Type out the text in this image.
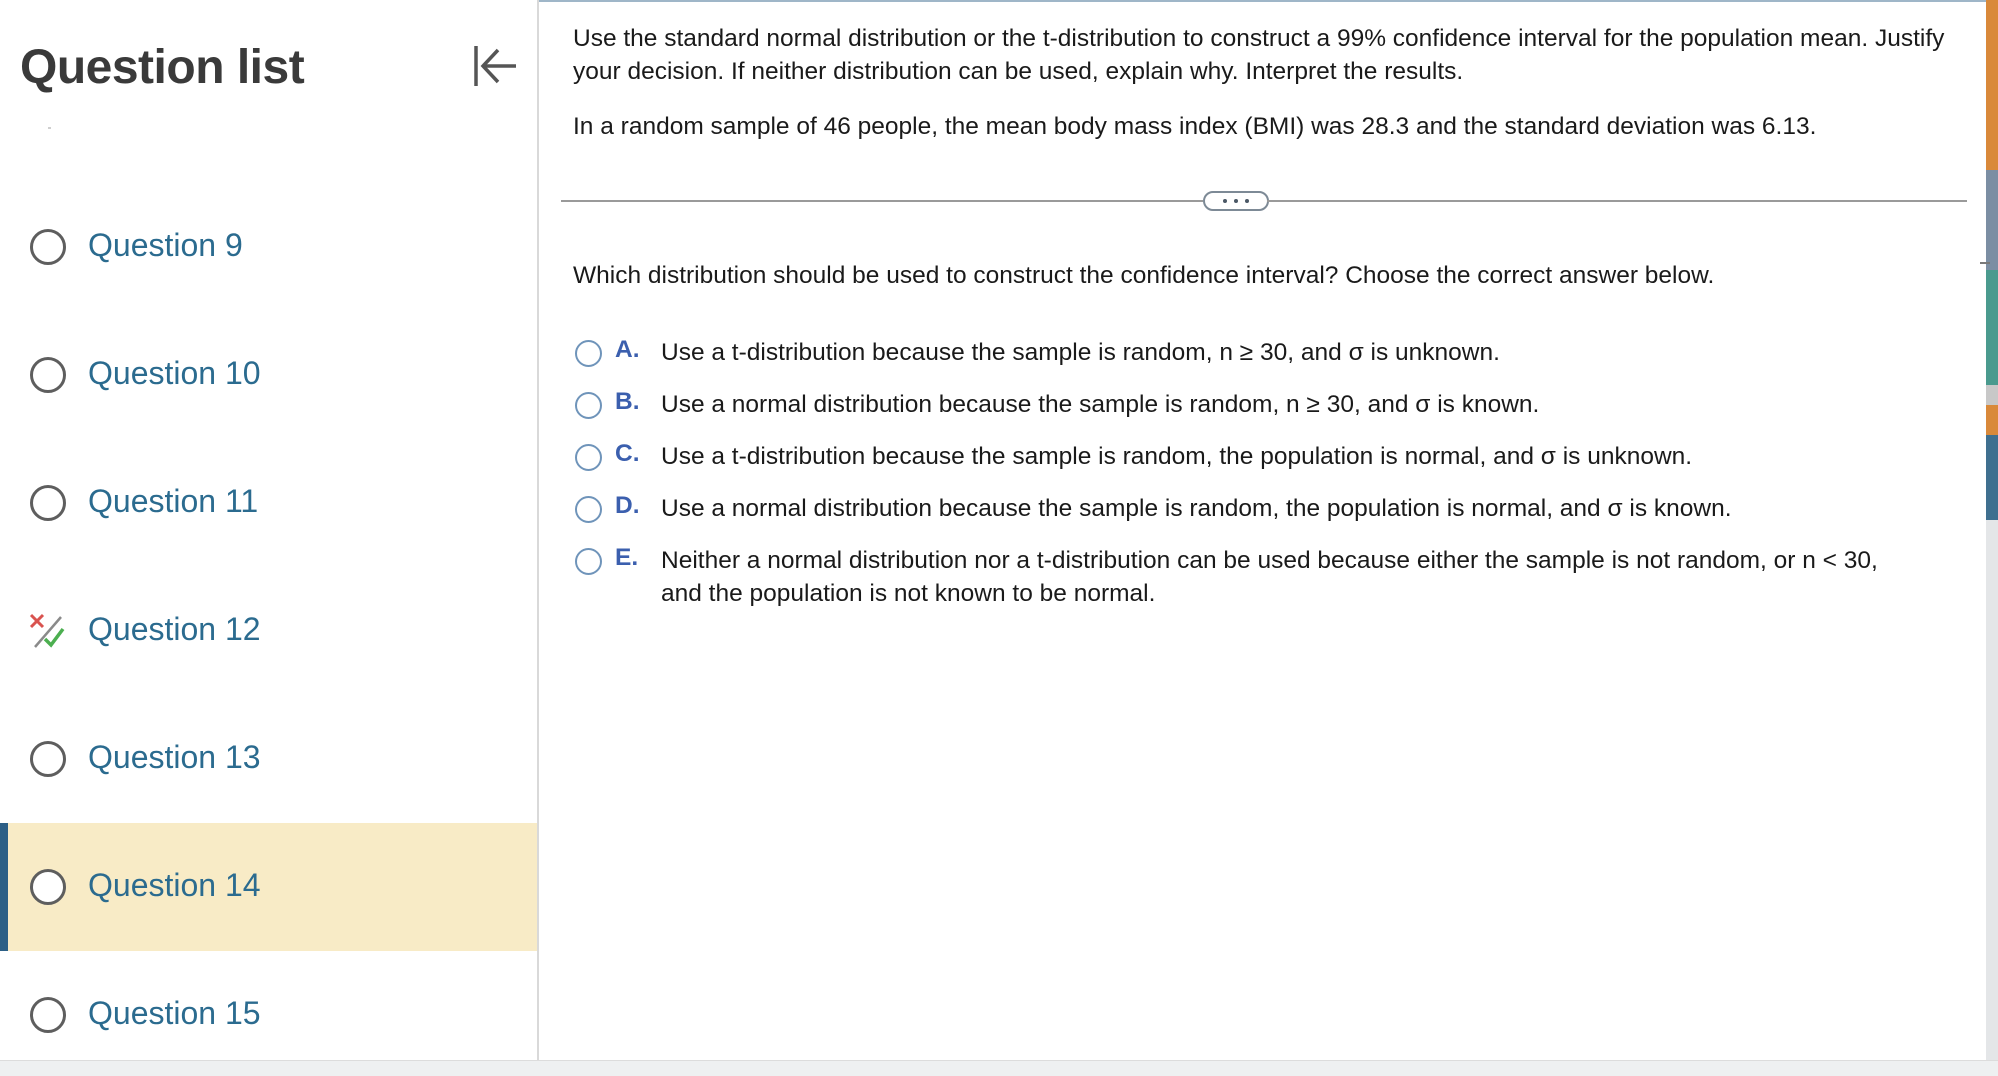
Question list
Question 9
Question 10
Question 11
Question 12
Question 13
Question 14
Question 15

Use the standard normal distribution or the t-distribution to construct a 99% confidence interval for the population mean. Justify your decision. If neither distribution can be used, explain why. Interpret the results.

In a random sample of 46 people, the mean body mass index (BMI) was 28.3 and the standard deviation was 6.13.

Which distribution should be used to construct the confidence interval? Choose the correct answer below.

A. Use a t-distribution because the sample is random, n ≥ 30, and σ is unknown.
B. Use a normal distribution because the sample is random, n ≥ 30, and σ is known.
C. Use a t-distribution because the sample is random, the population is normal, and σ is unknown.
D. Use a normal distribution because the sample is random, the population is normal, and σ is known.
E. Neither a normal distribution nor a t-distribution can be used because either the sample is not random, or n < 30, and the population is not known to be normal.
